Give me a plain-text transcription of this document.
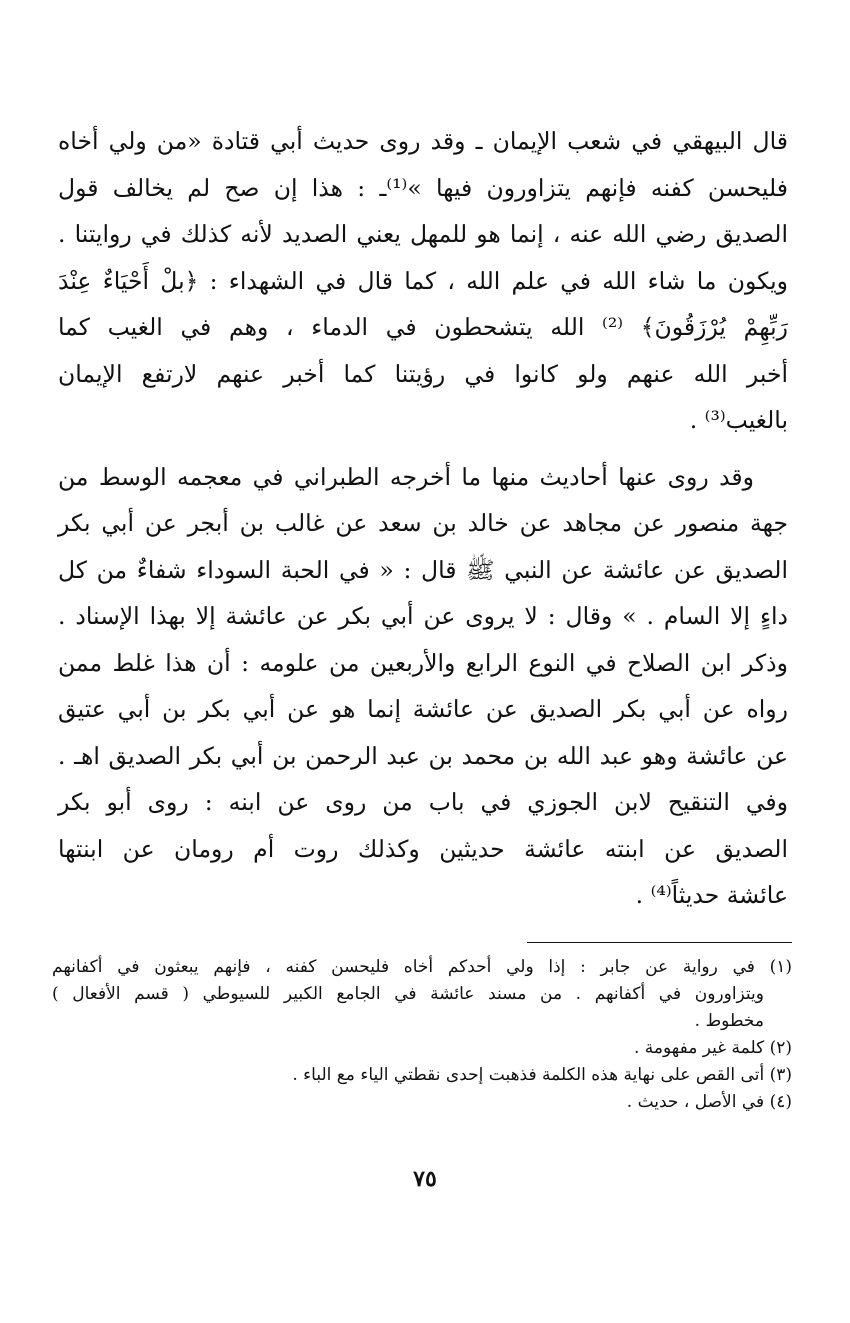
قال البيهقي في شعب الإيمان ـ وقد روى حديث أبي قتادة «من ولي أخاه
فليحسن كفنه فإنهم يتزاورون فيها »⁽¹⁾ـ : هذا إن صح لم يخالف قول
الصديق رضي الله عنه ، إنما هو للمهل يعني الصديد لأنه كذلك في روايتنا .
ويكون ما شاء الله في علم الله ، كما قال في الشهداء : ﴿بلْ أَحْيَاءٌ عِنْدَ
رَبِّهِمْ يُرْزَقُونَ﴾ ⁽²⁾ الله يتشحطون في الدماء ، وهم في الغيب كما
أخبر الله عنهم ولو كانوا في رؤيتنا كما أخبر عنهم لارتفع الإيمان
بالغيب⁽³⁾ .
وقد روى عنها أحاديث منها ما أخرجه الطبراني في معجمه الوسط من
جهة منصور عن مجاهد عن خالد بن سعد عن غالب بن أبجر عن أبي بكر
الصديق عن عائشة عن النبي ﷺ قال : « في الحبة السوداء شفاءٌ من كل
داءٍ إلا السام . » وقال : لا يروى عن أبي بكر عن عائشة إلا بهذا الإسناد .
وذكر ابن الصلاح في النوع الرابع والأربعين من علومه : أن هذا غلط ممن
رواه عن أبي بكر الصديق عن عائشة إنما هو عن أبي بكر بن أبي عتيق
عن عائشة وهو عبد الله بن محمد بن عبد الرحمن بن أبي بكر الصديق اهـ .
وفي التنقيح لابن الجوزي في باب من روى عن ابنه : روى أبو بكر
الصديق عن ابنته عائشة حديثين وكذلك روت أم رومان عن ابنتها
عائشة حديثاً⁽⁴⁾ .
(١) في رواية عن جابر : إذا ولي أحدكم أخاه فليحسن كفنه ، فإنهم يبعثون في أكفانهم
ويتزاورون في أكفانهم . من مسند عائشة في الجامع الكبير للسيوطي ( قسم الأفعال )
مخطوط .
(٢) كلمة غير مفهومة .
(٣) أتى القص على نهاية هذه الكلمة فذهبت إحدى نقطتي الياء مع الباء .
(٤) في الأصل ، حديث .
٧٥
